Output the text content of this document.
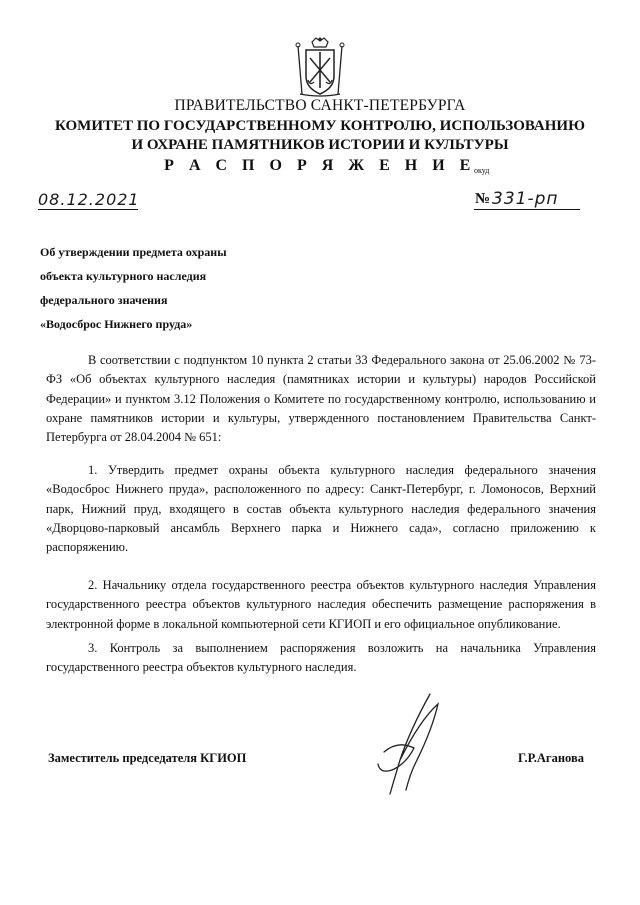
ПРАВИТЕЛЬСТВО САНКТ-ПЕТЕРБУРГА
КОМИТЕТ ПО ГОСУДАРСТВЕННОМУ КОНТРОЛЮ, ИСПОЛЬЗОВАНИЮ
И ОХРАНЕ ПАМЯТНИКОВ ИСТОРИИ И КУЛЬТУРЫ
Р А С П О Р Я Ж Е Н И Е
окуд
08.12.2021	№ 331-рп
Об утверждении предмета охраны
объекта культурного наследия
федерального значения
«Водосброс Нижнего пруда»
В соответствии с подпунктом 10 пункта 2 статьи 33 Федерального закона от 25.06.2002 № 73-ФЗ «Об объектах культурного наследия (памятниках истории и культуры) народов Российской Федерации» и пунктом 3.12 Положения о Комитете по государственному контролю, использованию и охране памятников истории и культуры, утвержденного постановлением Правительства Санкт-Петербурга от 28.04.2004 № 651:
1. Утвердить предмет охраны объекта культурного наследия федерального значения «Водосброс Нижнего пруда», расположенного по адресу: Санкт-Петербург, г. Ломоносов, Верхний парк, Нижний пруд, входящего в состав объекта культурного наследия федерального значения «Дворцово-парковый ансамбль Верхнего парка и Нижнего сада», согласно приложению к распоряжению.
2. Начальнику отдела государственного реестра объектов культурного наследия Управления государственного реестра объектов культурного наследия обеспечить размещение распоряжения в электронной форме в локальной компьютерной сети КГИОП и его официальное опубликование.
3. Контроль за выполнением распоряжения возложить на начальника Управления государственного реестра объектов культурного наследия.
Заместитель председателя КГИОП	Г.Р.Аганова
